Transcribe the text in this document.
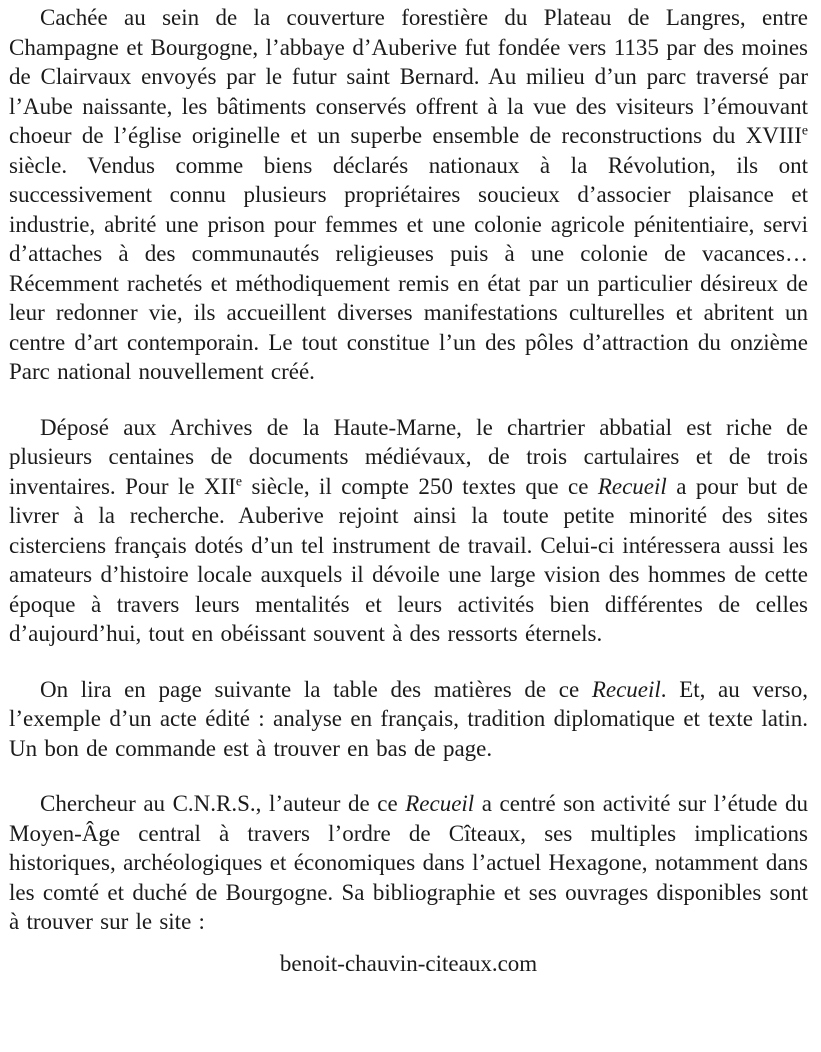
Cachée au sein de la couverture forestière du Plateau de Langres, entre Champagne et Bourgogne, l’abbaye d’Auberive fut fondée vers 1135 par des moines de Clairvaux envoyés par le futur saint Bernard. Au milieu d’un parc traversé par l’Aube naissante, les bâtiments conservés offrent à la vue des visiteurs l’émouvant choeur de l’église originelle et un superbe ensemble de reconstructions du XVIIIe siècle. Vendus comme biens déclarés nationaux à la Révolution, ils ont successivement connu plusieurs propriétaires soucieux d’associer plaisance et industrie, abrité une prison pour femmes et une colonie agricole pénitentiaire, servi d’attaches à des communautés religieuses puis à une colonie de vacances… Récemment rachetés et méthodiquement remis en état par un particulier désireux de leur redonner vie, ils accueillent diverses manifestations culturelles et abritent un centre d’art contemporain. Le tout constitue l’un des pôles d’attraction du onzième Parc national nouvellement créé.

Déposé aux Archives de la Haute-Marne, le chartrier abbatial est riche de plusieurs centaines de documents médiévaux, de trois cartulaires et de trois inventaires. Pour le XIIe siècle, il compte 250 textes que ce Recueil a pour but de livrer à la recherche. Auberive rejoint ainsi la toute petite minorité des sites cisterciens français dotés d’un tel instrument de travail. Celui-ci intéressera aussi les amateurs d’histoire locale auxquels il dévoile une large vision des hommes de cette époque à travers leurs mentalités et leurs activités bien différentes de celles d’aujourd’hui, tout en obéissant souvent à des ressorts éternels.

On lira en page suivante la table des matières de ce Recueil. Et, au verso, l’exemple d’un acte édité : analyse en français, tradition diplomatique et texte latin. Un bon de commande est à trouver en bas de page.

Chercheur au C.N.R.S., l’auteur de ce Recueil a centré son activité sur l’étude du Moyen-Âge central à travers l’ordre de Cîteaux, ses multiples implications historiques, archéologiques et économiques dans l’actuel Hexagone, notamment dans les comté et duché de Bourgogne. Sa bibliographie et ses ouvrages disponibles sont à trouver sur le site :

benoit-chauvin-citeaux.com
